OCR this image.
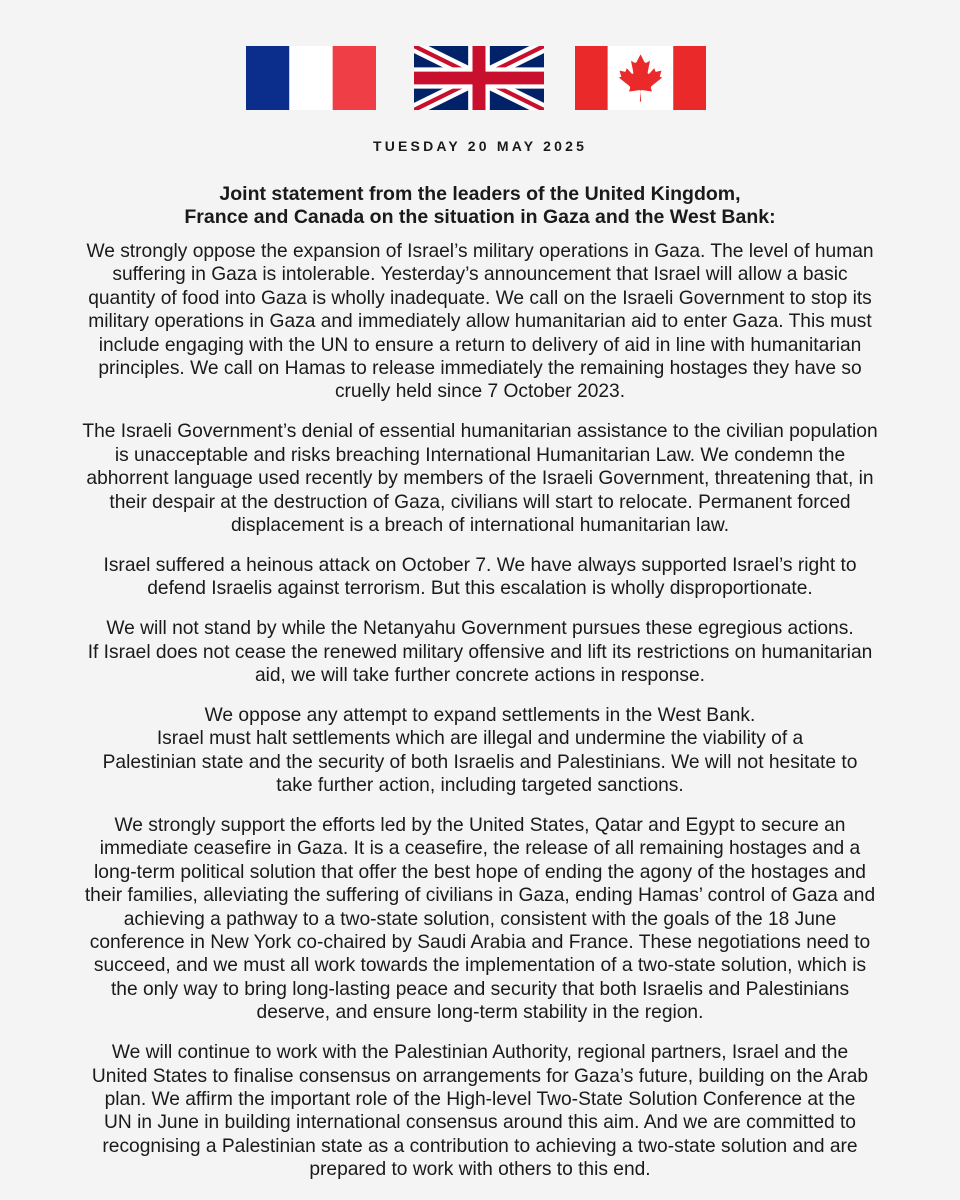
TUESDAY 20 MAY 2025
Joint statement from the leaders of the United Kingdom,
France and Canada on the situation in Gaza and the West Bank:

We strongly oppose the expansion of Israel’s military operations in Gaza. The level of human
suffering in Gaza is intolerable. Yesterday’s announcement that Israel will allow a basic
quantity of food into Gaza is wholly inadequate. We call on the Israeli Government to stop its
military operations in Gaza and immediately allow humanitarian aid to enter Gaza. This must
include engaging with the UN to ensure a return to delivery of aid in line with humanitarian
principles. We call on Hamas to release immediately the remaining hostages they have so
cruelly held since 7 October 2023.

The Israeli Government’s denial of essential humanitarian assistance to the civilian population
is unacceptable and risks breaching International Humanitarian Law. We condemn the
abhorrent language used recently by members of the Israeli Government, threatening that, in
their despair at the destruction of Gaza, civilians will start to relocate. Permanent forced
displacement is a breach of international humanitarian law.

Israel suffered a heinous attack on October 7. We have always supported Israel’s right to
defend Israelis against terrorism. But this escalation is wholly disproportionate.

We will not stand by while the Netanyahu Government pursues these egregious actions.
If Israel does not cease the renewed military offensive and lift its restrictions on humanitarian
aid, we will take further concrete actions in response.

We oppose any attempt to expand settlements in the West Bank.
Israel must halt settlements which are illegal and undermine the viability of a
Palestinian state and the security of both Israelis and Palestinians. We will not hesitate to
take further action, including targeted sanctions.

We strongly support the efforts led by the United States, Qatar and Egypt to secure an
immediate ceasefire in Gaza. It is a ceasefire, the release of all remaining hostages and a
long-term political solution that offer the best hope of ending the agony of the hostages and
their families, alleviating the suffering of civilians in Gaza, ending Hamas’ control of Gaza and
achieving a pathway to a two-state solution, consistent with the goals of the 18 June
conference in New York co-chaired by Saudi Arabia and France. These negotiations need to
succeed, and we must all work towards the implementation of a two-state solution, which is
the only way to bring long-lasting peace and security that both Israelis and Palestinians
deserve, and ensure long-term stability in the region.

We will continue to work with the Palestinian Authority, regional partners, Israel and the
United States to finalise consensus on arrangements for Gaza’s future, building on the Arab
plan. We affirm the important role of the High-level Two-State Solution Conference at the
UN in June in building international consensus around this aim. And we are committed to
recognising a Palestinian state as a contribution to achieving a two-state solution and are
prepared to work with others to this end.
